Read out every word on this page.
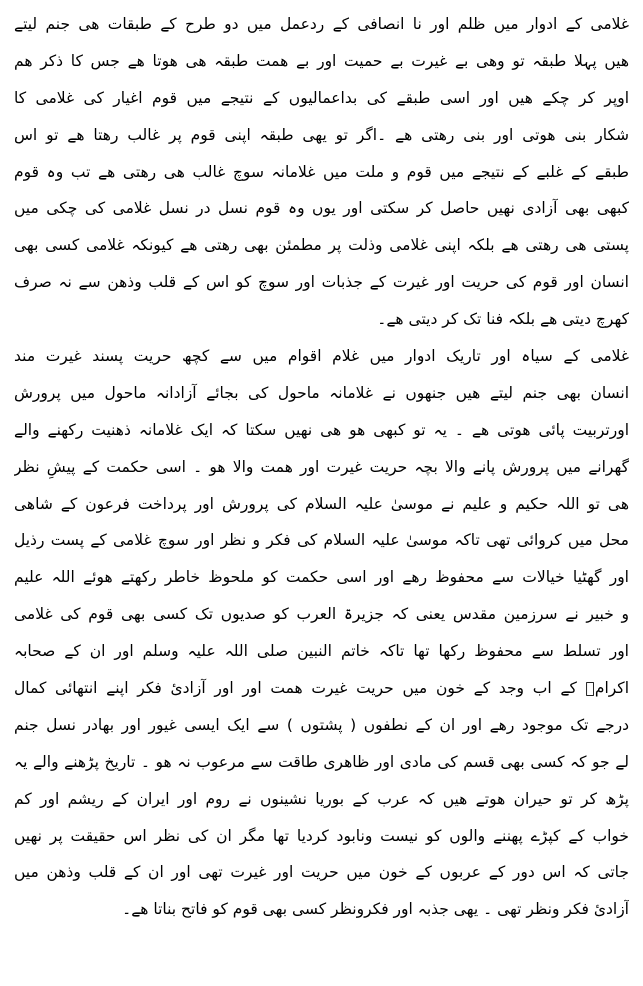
غلامی کے ادوار میں ظلم اور نا انصافی کے ردعمل میں دو طرح کے طبقات ھی جنم لیتے
ھیں پہلا طبقہ تو وھی بے غیرت بے حمیت اور بے ھمت طبقہ ھی ھوتا ھے جس کا ذکر ھم
اوپر کر چکے ھیں اور اسی طبقے کی بداعمالیوں کے نتیجے میں قوم اغیار کی غلامی کا
شکار بنی ھوتی اور بنی رھتی ھے ۔اگر تو یھی طبقہ اپنی قوم پر غالب رھتا ھے تو اس
طبقے کے غلبے کے نتیجے میں قوم و ملت میں غلامانہ سوچ غالب ھی رھتی ھے تب وہ قوم
کبھی بھی آزادی نھیں حاصل کر سکتی اور یوں وہ قوم نسل در نسل غلامی کی چکی میں
پستی ھی رھتی ھے بلکہ اپنی غلامی وذلت پر مطمئن بھی رھتی ھے کیونکہ غلامی کسی بھی
انسان اور قوم کی حریت اور غیرت کے جذبات اور سوچ کو اس کے قلب وذھن سے نہ صرف
کھرچ دیتی ھے بلکہ فنا تک کر دیتی ھے۔
غلامی کے سیاہ اور تاریک ادوار میں غلام اقوام میں سے کچھ حریت پسند غیرت مند
انسان بھی جنم لیتے ھیں جنھوں نے غلامانہ ماحول کی بجائے آزادانہ ماحول میں پرورش
اورتربیت پائی ھوتی ھے ۔ یہ تو کبھی ھو ھی نھیں سکتا کہ ایک غلامانہ ذھنیت رکھنے والے
گھرانے میں پرورش پانے والا بچہ حریت غیرت اور ھمت والا ھو ۔ اسی حکمت کے پیشِ نظر
ھی تو اللہ حکیم و علیم نے موسیٰ علیہ السلام کی پرورش اور پرداخت فرعون کے شاھی
محل میں کروائی تھی تاکہ موسیٰ علیہ السلام کی فکر و نظر اور سوچ غلامی کے پست رذیل
اور گھٹیا خیالات سے محفوظ رھے اور اسی حکمت کو ملحوظ خاطر رکھتے ھوئے اللہ علیم
و خبیر نے سرزمین مقدس یعنی کہ جزیرۃ العرب کو صدیوں تک کسی بھی قوم کی غلامی
اور تسلط سے محفوظ رکھا تھا تاکہ خاتم النبین صلی اللہ علیہ وسلم اور ان کے صحابہ
اکرامؓ کے اب وجد کے خون میں حریت غیرت ھمت اور اور آزادیٔ فکر اپنے انتھائی کمال
درجے تک موجود رھے اور ان کے نطفوں ( پشتوں ) سے ایک ایسی غیور اور بھادر نسل جنم
لے جو کہ کسی بھی قسم کی مادی اور ظاھری طاقت سے مرعوب نہ ھو ۔ تاریخ پڑھنے والے یہ
پڑھ کر تو حیران ھوتے ھیں کہ عرب کے بوریا نشینوں نے روم اور ایران کے ریشم اور کم
خواب کے کپڑے پھننے والوں کو نیست ونابود کردیا تھا مگر ان کی نظر اس حقیقت پر نھیں
جاتی کہ اس دور کے عربوں کے خون میں حریت اور غیرت تھی اور ان کے قلب وذھن میں
آزادیٔ فکر ونظر تھی ۔ یھی جذبہ اور فکرونظر کسی بھی قوم کو فاتح بناتا ھے۔
